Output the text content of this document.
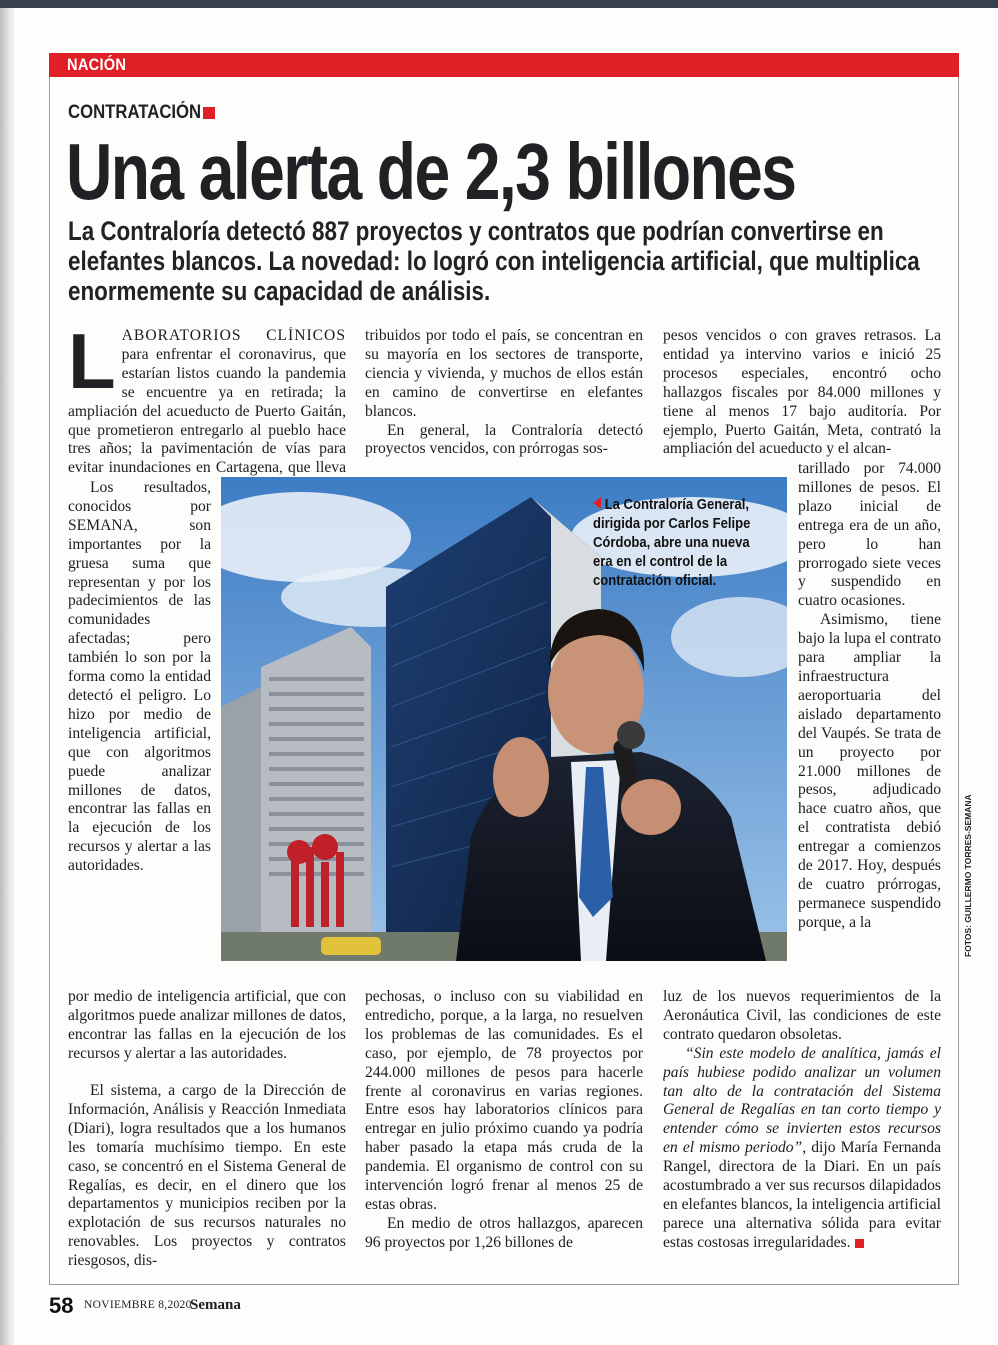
NACIÓN
CONTRATACIÓN
Una alerta de 2,3 billones
La Contraloría detectó 887 proyectos y contratos que podrían convertirse en elefantes blancos. La novedad: lo logró con inteligencia artificial, que multiplica enormemente su capacidad de análisis.
L ABORATORIOS CLÍNICOS para enfrentar el coronavirus, que estarían listos cuando la pandemia se encuentre ya en retirada; la ampliación del acueducto de Puerto Gaitán, que prometieron entregarlo al pueblo hace tres años; la pavimentación de vías para evitar inundaciones en Cartagena, que lleva

Los resultados, conocidos por SEMANA, son importantes por la gruesa suma que representan y por los padecimientos de las comunidades afectadas; pero también lo son por la forma como la entidad detectó el peligro. Lo hizo por medio de inteligencia artificial, que con algoritmos puede analizar millones de datos, encontrar las fallas en la ejecución de los recursos y alertar a las autoridades.

El sistema, a cargo de la Dirección de Información, Análisis y Reacción Inmediata (Diari), logra resultados que a los humanos les tomaría muchísimo tiempo. En este caso, se concentró en el Sistema General de Regalías, es decir, en el dinero que los departamentos y municipios reciben por la explotación de sus recursos naturales no renovables. Los proyectos y contratos riesgosos, dis-

por medio de inteligencia artificial, que con algoritmos puede analizar millones de datos, encontrar las fallas en la ejecución de los recursos y alertar a las autoridades.

tribuidos por todo el país, se concentran en su mayoría en los sectores de transporte, ciencia y vivienda, y muchos de ellos están en camino de convertirse en elefantes blancos.

En general, la Contraloría detectó proyectos vencidos, con prórrogas sos-

pechosas, o incluso con su viabilidad en entredicho, porque, a la larga, no resuelven los problemas de las comunidades. Es el caso, por ejemplo, de 78 proyectos por 244.000 millones de pesos para hacerle frente al coronavirus en varias regiones. Entre esos hay laboratorios clínicos para entregar en julio próximo cuando ya podría haber pasado la etapa más cruda de la pandemia. El organismo de control con su intervención logró frenar al menos 25 de estas obras.

En medio de otros hallazgos, aparecen 96 proyectos por 1,26 billones de

pesos vencidos o con graves retrasos. La entidad ya intervino varios e inició 25 procesos especiales, encontró ocho hallazgos fiscales por 84.000 millones y tiene al menos 17 bajo auditoría. Por ejemplo, Puerto Gaitán, Meta, contrató la ampliación del acueducto y el alcan-

tarillado por 74.000 millones de pesos. El plazo inicial de entrega era de un año, pero lo han prorrogado siete veces y suspendido en cuatro ocasiones.

Asimismo, tiene bajo la lupa el contrato para ampliar la infraestructura aeroportuaria del aislado departamento del Vaupés. Se trata de un proyecto por 21.000 millones de pesos, adjudicado hace cuatro años, que el contratista debió entregar a comienzos de 2017. Hoy, después de cuatro prórrogas, permanece suspendido porque, a la

luz de los nuevos requerimientos de la Aeronáutica Civil, las condiciones de este contrato quedaron obsoletas.

“Sin este modelo de analítica, jamás el país hubiese podido analizar un volumen tan alto de la contratación del Sistema General de Regalías en tan corto tiempo y entender cómo se invierten estos recursos en el mismo periodo”, dijo María Fernanda Rangel, directora de la Diari. En un país acostumbrado a ver sus recursos dilapidados en elefantes blancos, la inteligencia artificial parece una alternativa sólida para evitar estas costosas irregularidades.

La Contraloría General, dirigida por Carlos Felipe Córdoba, abre una nueva era en el control de la contratación oficial.
FOTOS: GUILLERMO TORRES-SEMANA
58 NOVIEMBRE 8,2020
Semana
